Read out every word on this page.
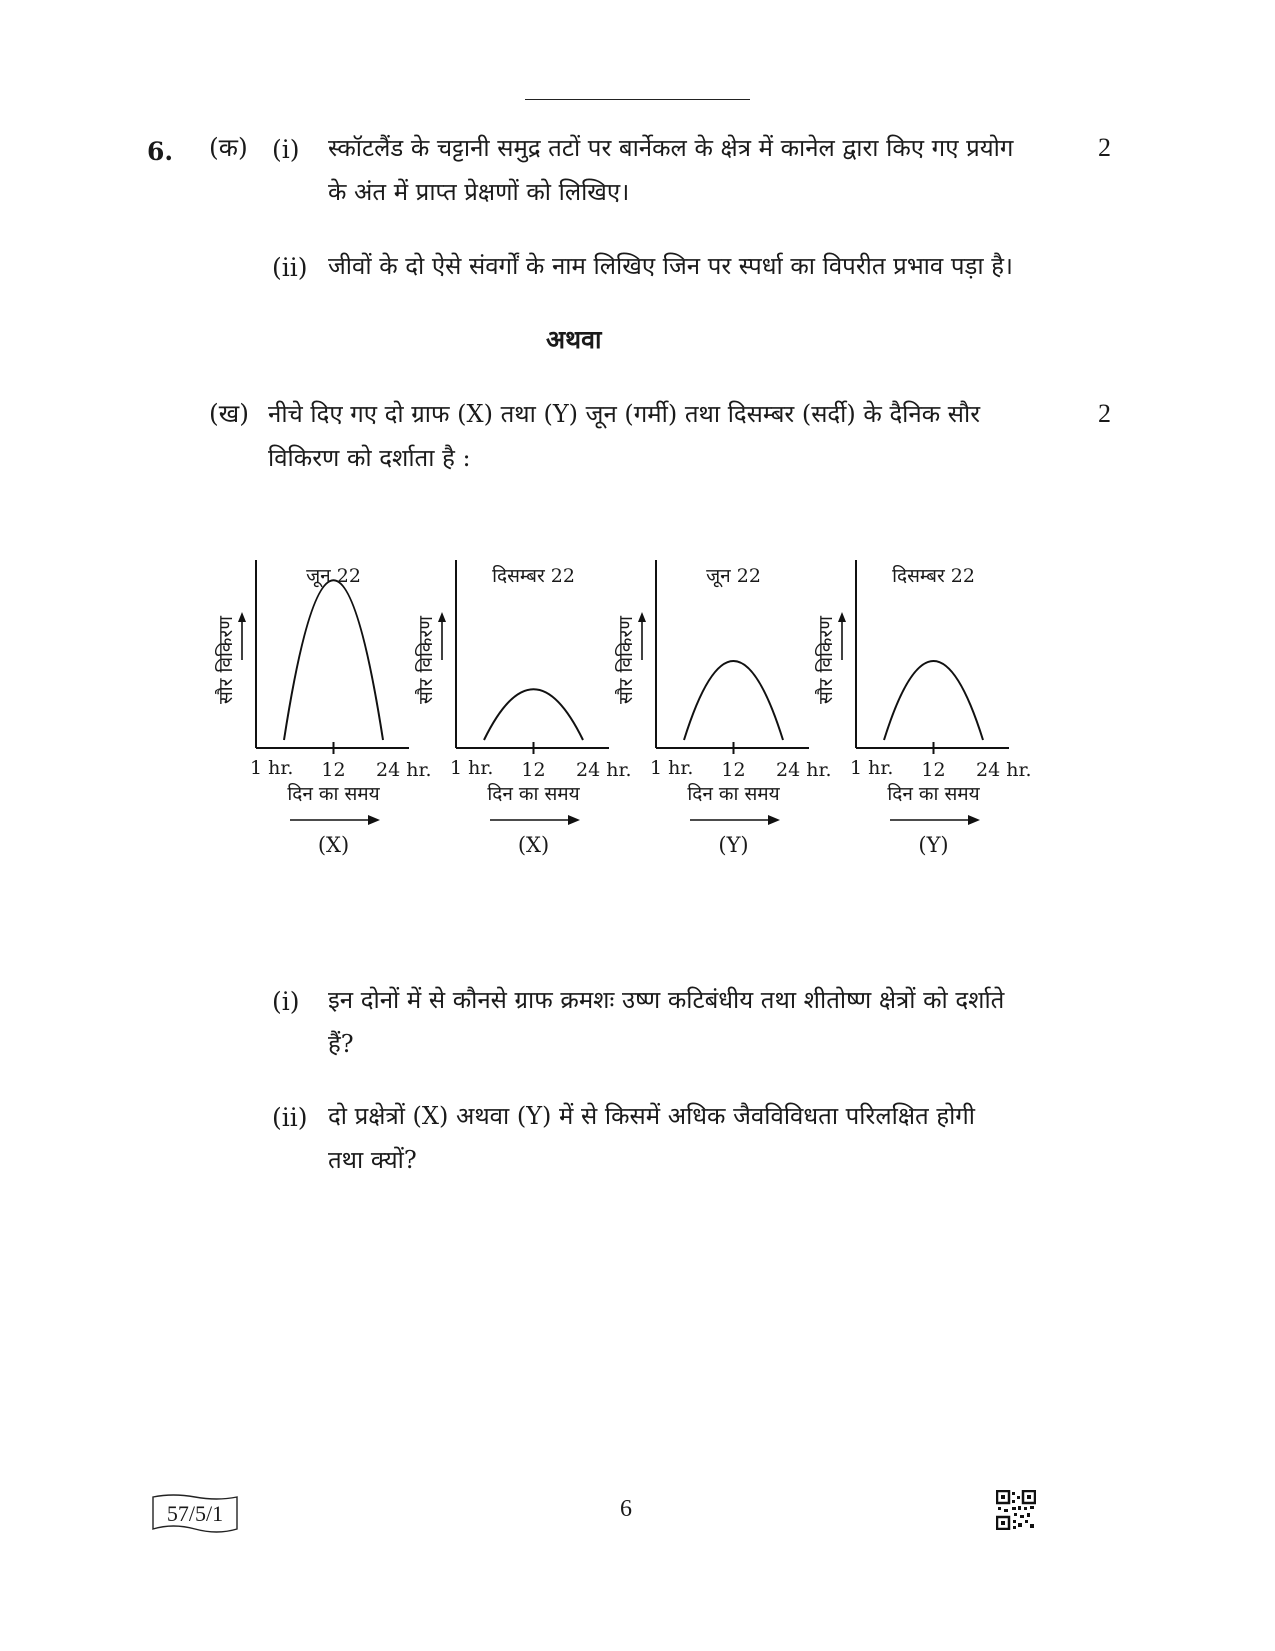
6. (क) (i) स्कॉटलैंड के चट्टानी समुद्र तटों पर बार्नेकल के क्षेत्र में कानेल द्वारा किए गए प्रयोग
के अंत में प्राप्त प्रेक्षणों को लिखिए।
2
(ii) जीवों के दो ऐसे संवर्गों के नाम लिखिए जिन पर स्पर्धा का विपरीत प्रभाव पड़ा है।
अथवा
(ख) नीचे दिए गए दो ग्राफ (X) तथा (Y) जून (गर्मी) तथा दिसम्बर (सर्दी) के दैनिक सौर
विकिरण को दर्शाता है :
2
जून 22
सौर विकिरण
1 hr. 12 24 hr.
दिन का समय
(X)
दिसम्बर 22
सौर विकिरण
1 hr. 12 24 hr.
दिन का समय
(X)
जून 22
सौर विकिरण
1 hr. 12 24 hr.
दिन का समय
(Y)
दिसम्बर 22
सौर विकिरण
1 hr. 12 24 hr.
दिन का समय
(Y)
(i) इन दोनों में से कौनसे ग्राफ क्रमशः उष्ण कटिबंधीय तथा शीतोष्ण क्षेत्रों को दर्शाते
हैं?
(ii) दो प्रक्षेत्रों (X) अथवा (Y) में से किसमें अधिक जैवविविधता परिलक्षित होगी
तथा क्यों?
57/5/1	6
